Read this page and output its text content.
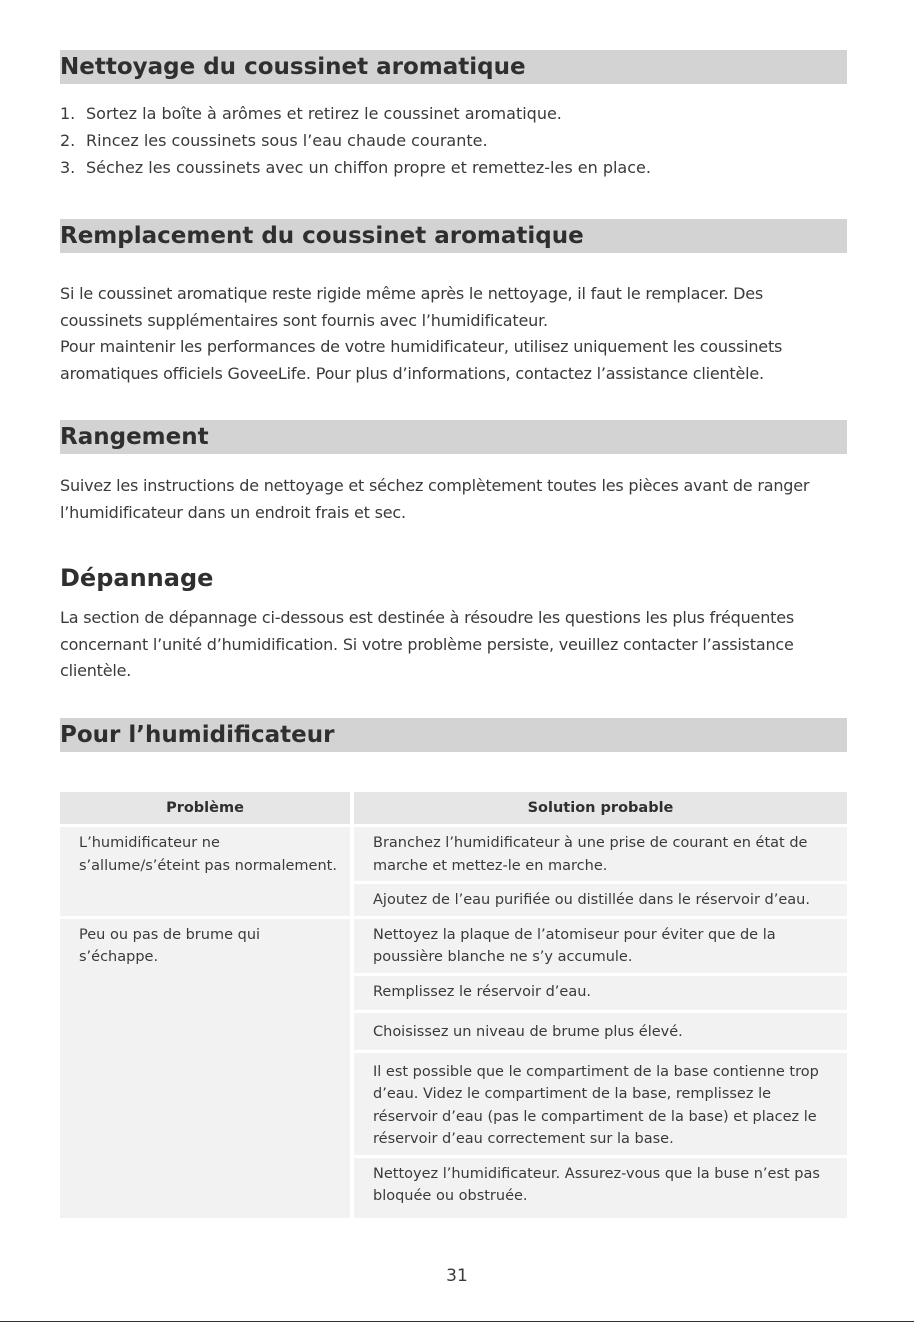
Nettoyage du coussinet aromatique
1. Sortez la boîte à arômes et retirez le coussinet aromatique.
2. Rincez les coussinets sous l’eau chaude courante.
3. Séchez les coussinets avec un chiffon propre et remettez-les en place.
Remplacement du coussinet aromatique

Si le coussinet aromatique reste rigide même après le nettoyage, il faut le remplacer. Des coussinets supplémentaires sont fournis avec l’humidificateur.

Pour maintenir les performances de votre humidificateur, utilisez uniquement les coussinets aromatiques officiels GoveeLife. Pour plus d’informations, contactez l’assistance clientèle.

Rangement

Suivez les instructions de nettoyage et séchez complètement toutes les pièces avant de ranger l’humidificateur dans un endroit frais et sec.

Dépannage

La section de dépannage ci-dessous est destinée à résoudre les questions les plus fréquentes concernant l’unité d’humidification. Si votre problème persiste, veuillez contacter l’assistance clientèle.

Pour l’humidificateur
Problème	Solution probable
L’humidificateur ne s’allume/s’éteint pas normalement.	Branchez l’humidificateur à une prise de courant en état de marche et mettez-le en marche.
	Ajoutez de l’eau purifiée ou distillée dans le réservoir d’eau.
Peu ou pas de brume qui s’échappe.	Nettoyez la plaque de l’atomiseur pour éviter que de la poussière blanche ne s’y accumule.
	Remplissez le réservoir d’eau.
	Choisissez un niveau de brume plus élevé.
	Il est possible que le compartiment de la base contienne trop d’eau. Videz le compartiment de la base, remplissez le réservoir d’eau (pas le compartiment de la base) et placez le réservoir d’eau correctement sur la base.
	Nettoyez l’humidificateur. Assurez-vous que la buse n’est pas bloquée ou obstruée.
31
